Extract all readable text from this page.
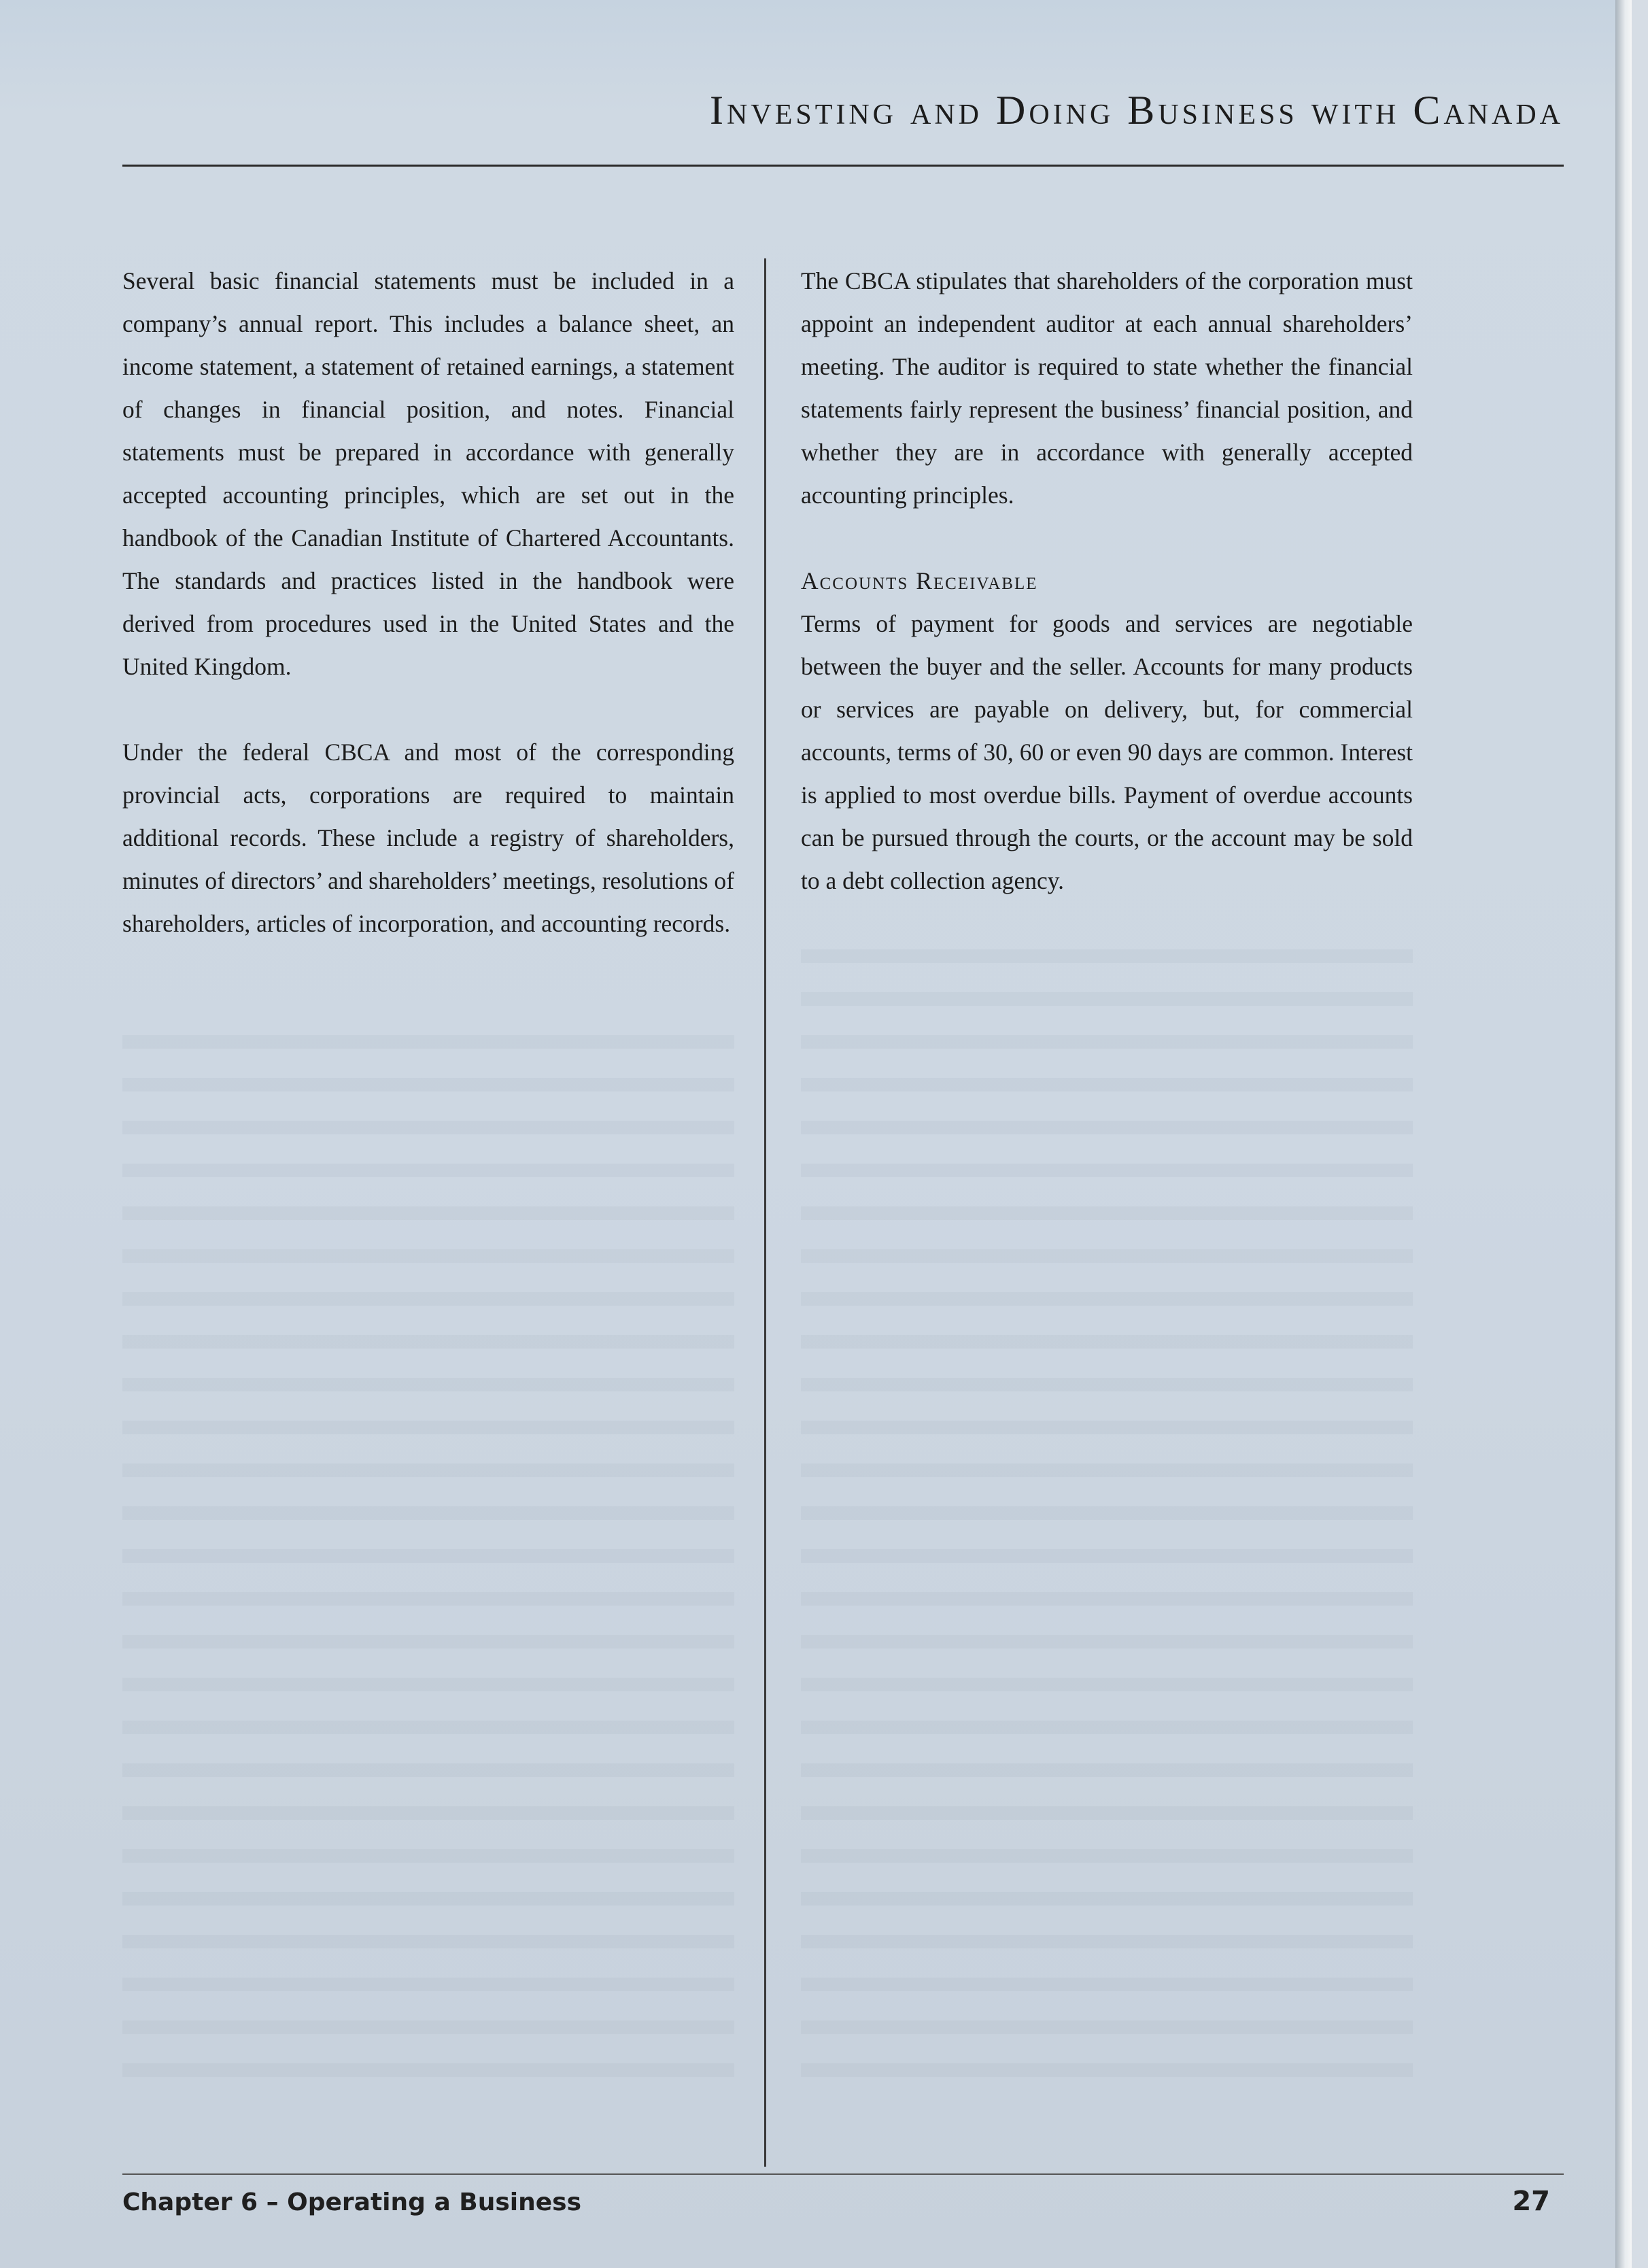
Investing and Doing Business with Canada

Several basic financial statements must be included in a company’s annual report. This includes a balance sheet, an income statement, a statement of retained earnings, a statement of changes in financial position, and notes. Financial statements must be prepared in accordance with generally accepted accounting principles, which are set out in the handbook of the Canadian Institute of Chartered Accountants. The standards and practices listed in the handbook were derived from procedures used in the United States and the United Kingdom.

Under the federal CBCA and most of the corresponding provincial acts, corporations are required to maintain additional records. These include a registry of shareholders, minutes of directors’ and shareholders’ meetings, resolutions of shareholders, articles of incorporation, and accounting records.

The CBCA stipulates that shareholders of the corporation must appoint an independent auditor at each annual shareholders’ meeting. The auditor is required to state whether the financial statements fairly represent the business’ financial position, and whether they are in accordance with generally accepted accounting principles.

Accounts Receivable

Terms of payment for goods and services are negotiable between the buyer and the seller. Accounts for many products or services are payable on delivery, but, for commercial accounts, terms of 30, 60 or even 90 days are common. Interest is applied to most overdue bills. Payment of overdue accounts can be pursued through the courts, or the account may be sold to a debt collection agency.

Chapter 6 – Operating a Business	27
